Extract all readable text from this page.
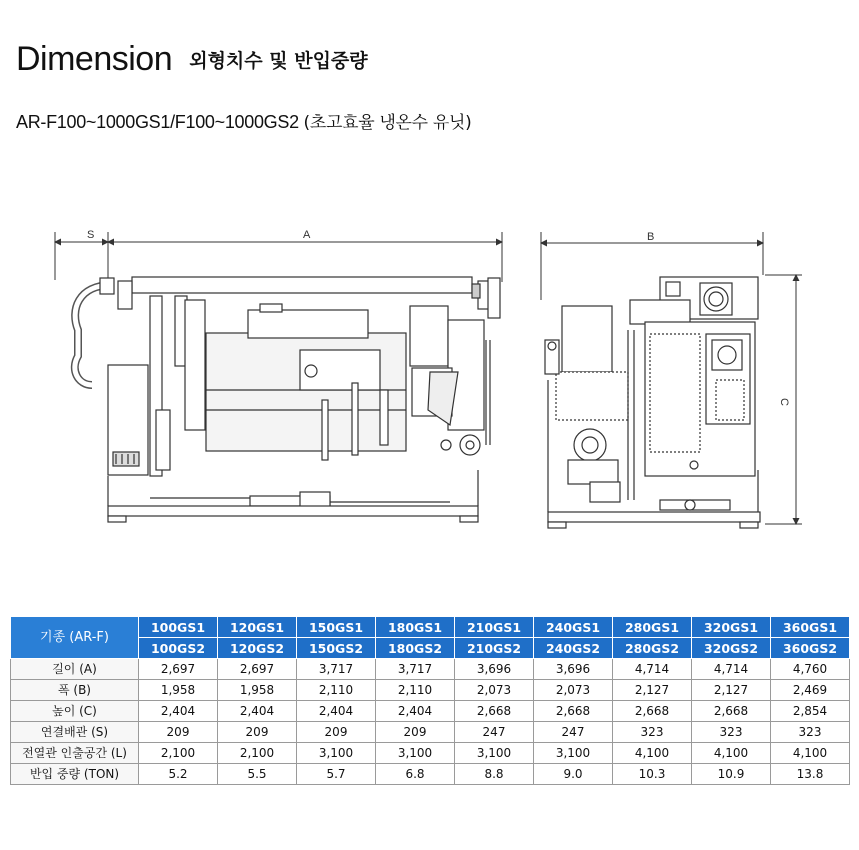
Dimension 외형치수 및 반입중량
AR-F100~1000GS1/F100~1000GS2 (초고효율 냉온수 유닛)
S	A	B
C
기종 (AR-F)	100GS1	120GS1	150GS1	180GS1	210GS1	240GS1	280GS1	320GS1	360GS1
	100GS2	120GS2	150GS2	180GS2	210GS2	240GS2	280GS2	320GS2	360GS2
길이 (A)	2,697	2,697	3,717	3,717	3,696	3,696	4,714	4,714	4,760
폭 (B)	1,958	1,958	2,110	2,110	2,073	2,073	2,127	2,127	2,469
높이 (C)	2,404	2,404	2,404	2,404	2,668	2,668	2,668	2,668	2,854
연결배관 (S)	209	209	209	209	247	247	323	323	323
전열관 인출공간 (L)	2,100	2,100	3,100	3,100	3,100	3,100	4,100	4,100	4,100
반입 중량 (TON)	5.2	5.5	5.7	6.8	8.8	9.0	10.3	10.9	13.8
